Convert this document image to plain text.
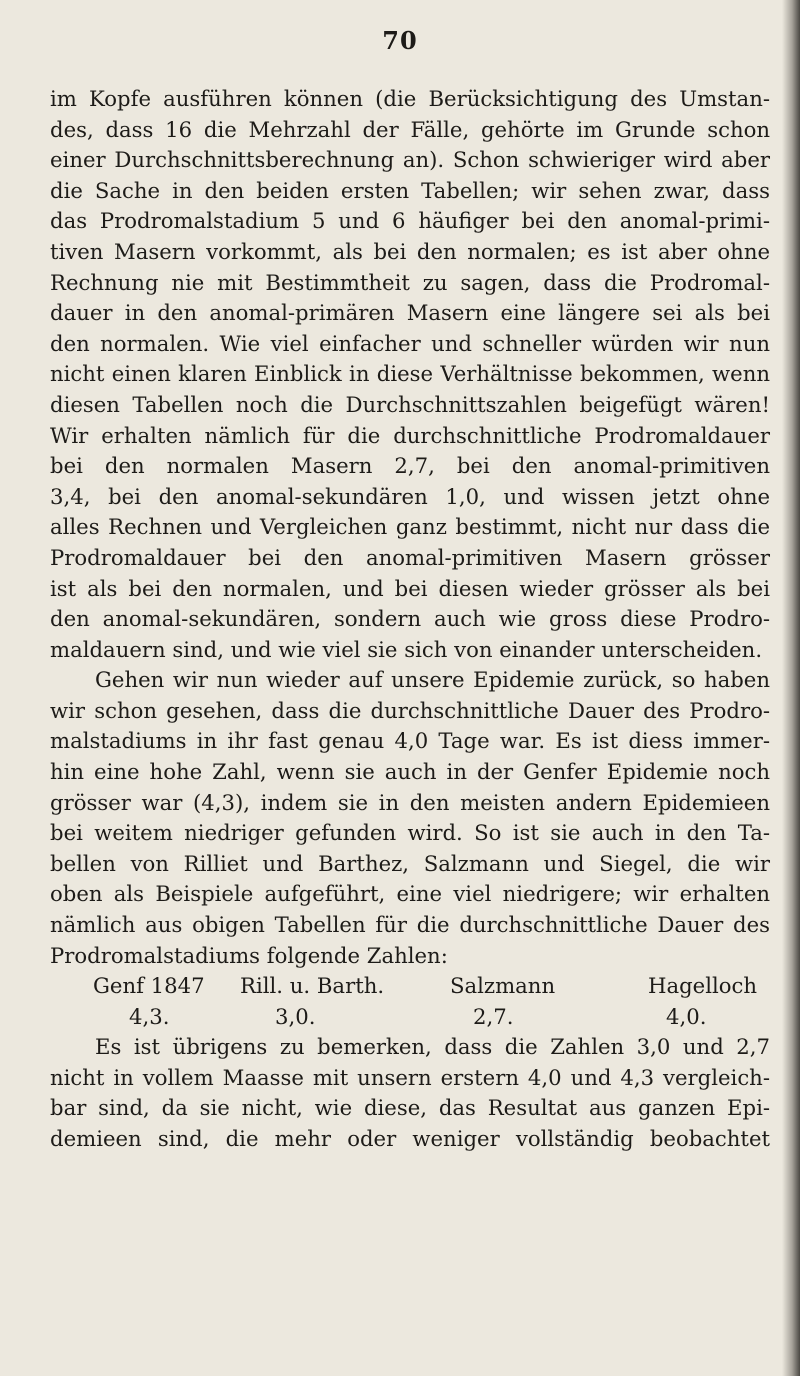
70
im Kopfe ausführen können (die Berücksichtigung des Umstan-
des, dass 16 die Mehrzahl der Fälle, gehörte im Grunde schon
einer Durchschnittsberechnung an). Schon schwieriger wird aber
die Sache in den beiden ersten Tabellen; wir sehen zwar, dass
das Prodromalstadium 5 und 6 häufiger bei den anomal-primi-
tiven Masern vorkommt, als bei den normalen; es ist aber ohne
Rechnung nie mit Bestimmtheit zu sagen, dass die Prodromal-
dauer in den anomal-primären Masern eine längere sei als bei
den normalen. Wie viel einfacher und schneller würden wir nun
nicht einen klaren Einblick in diese Verhältnisse bekommen, wenn
diesen Tabellen noch die Durchschnittszahlen beigefügt wären!
Wir erhalten nämlich für die durchschnittliche Prodromaldauer
bei den normalen Masern 2,7, bei den anomal-primitiven
3,4, bei den anomal-sekundären 1,0, und wissen jetzt ohne
alles Rechnen und Vergleichen ganz bestimmt, nicht nur dass die
Prodromaldauer bei den anomal-primitiven Masern grösser
ist als bei den normalen, und bei diesen wieder grösser als bei
den anomal-sekundären, sondern auch wie gross diese Prodro-
maldauern sind, und wie viel sie sich von einander unterscheiden.
Gehen wir nun wieder auf unsere Epidemie zurück, so haben
wir schon gesehen, dass die durchschnittliche Dauer des Prodro-
malstadiums in ihr fast genau 4,0 Tage war. Es ist diess immer-
hin eine hohe Zahl, wenn sie auch in der Genfer Epidemie noch
grösser war (4,3), indem sie in den meisten andern Epidemieen
bei weitem niedriger gefunden wird. So ist sie auch in den Ta-
bellen von Rilliet und Barthez, Salzmann und Siegel, die wir
oben als Beispiele aufgeführt, eine viel niedrigere; wir erhalten
nämlich aus obigen Tabellen für die durchschnittliche Dauer des
Prodromalstadiums folgende Zahlen:
Genf 1847 Rill. u. Barth.	Salzmann	Hagelloch
4,3.	3,0.	2,7.	4,0.
Es ist übrigens zu bemerken, dass die Zahlen 3,0 und 2,7
nicht in vollem Maasse mit unsern erstern 4,0 und 4,3 vergleich-
bar sind, da sie nicht, wie diese, das Resultat aus ganzen Epi-
demieen sind, die mehr oder weniger vollständig beobachtet
